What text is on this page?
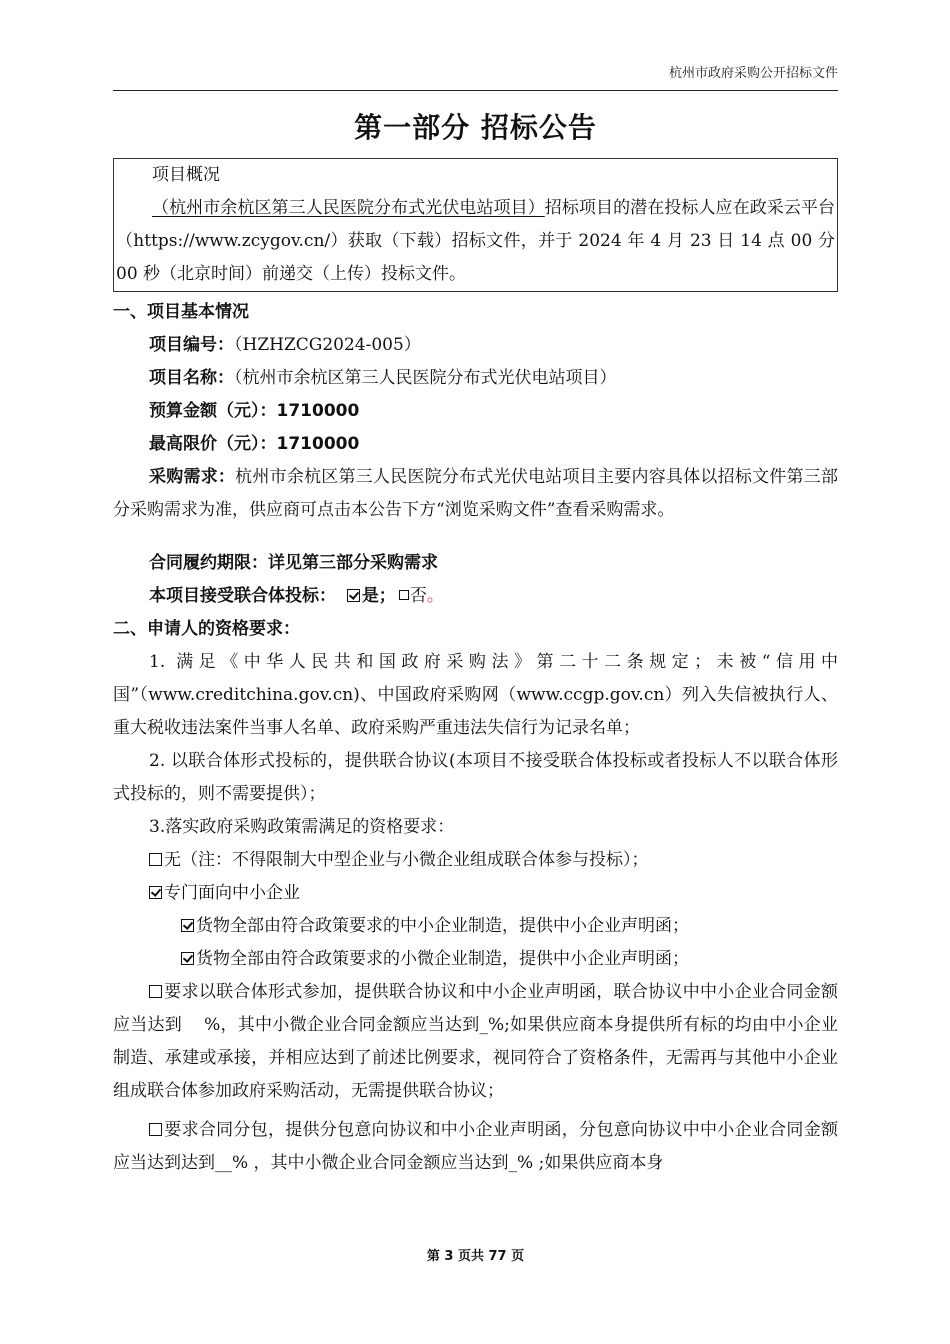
杭州市政府采购公开招标文件
第一部分 招标公告

项目概况

（杭州市余杭区第三人民医院分布式光伏电站项目）招标项目的潜在投标人应在政采云平台（https://www.zcygov.cn/）获取（下载）招标文件，并于 2024 年 4 月 23 日 14 点 00 分 00 秒（北京时间）前递交（上传）投标文件。

一、项目基本情况

项目编号：（HZHZCG2024-005）

项目名称：（杭州市余杭区第三人民医院分布式光伏电站项目）

预算金额（元）：1710000

最高限价（元）：1710000

采购需求：杭州市余杭区第三人民医院分布式光伏电站项目主要内容具体以招标文件第三部分采购需求为准，供应商可点击本公告下方“浏览采购文件”查看采购需求。

合同履约期限：详见第三部分采购需求

本项目接受联合体投标： 是； 否。

二、申请人的资格要求：

1. 满足《中华人民共和国政府采购法》第二十二条规定；未被“信用中国”（www.creditchina.gov.cn)、中国政府采购网（www.ccgp.gov.cn）列入失信被执行人、重大税收违法案件当事人名单、政府采购严重违法失信行为记录名单；

2. 以联合体形式投标的，提供联合协议(本项目不接受联合体投标或者投标人不以联合体形式投标的，则不需要提供）；

3.落实政府采购政策需满足的资格要求：

无（注：不得限制大中型企业与小微企业组成联合体参与投标）；

专门面向中小企业

货物全部由符合政策要求的中小企业制造，提供中小企业声明函；

货物全部由符合政策要求的小微企业制造，提供中小企业声明函；

要求以联合体形式参加，提供联合协议和中小企业声明函，联合协议中中小企业合同金额应当达到 %，其中小微企业合同金额应当达到_%;如果供应商本身提供所有标的均由中小企业制造、承建或承接，并相应达到了前述比例要求，视同符合了资格条件，无需再与其他中小企业组成联合体参加政府采购活动，无需提供联合协议；

要求合同分包，提供分包意向协议和中小企业声明函，分包意向协议中中小企业合同金额应当达到达到__% ，其中小微企业合同金额应当达到_% ;如果供应商本身

第 3 页共 77 页
